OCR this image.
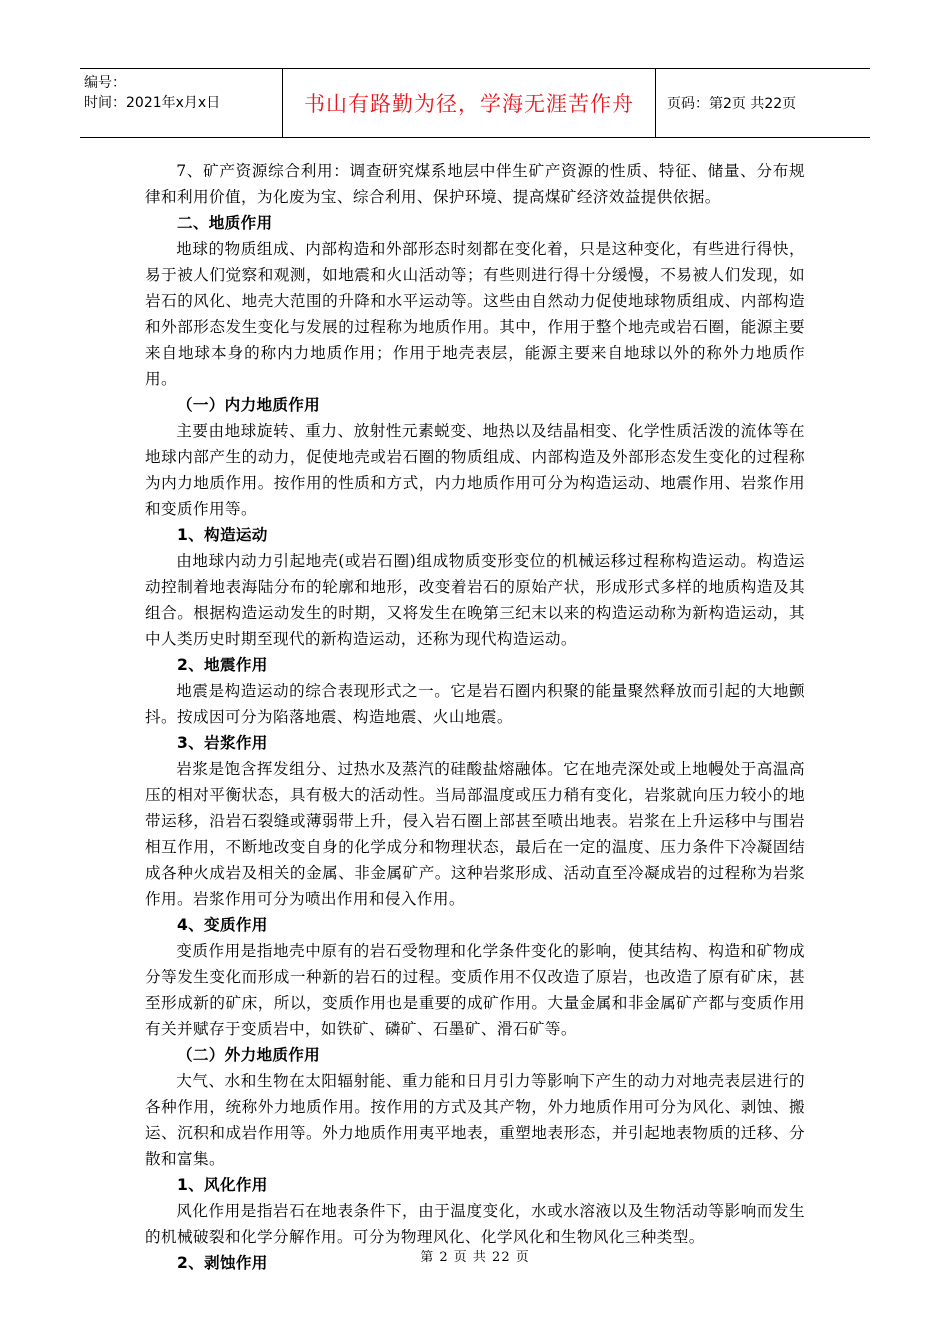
编号：
时间：2021年x月x日	书山有路勤为径，学海无涯苦作舟	页码：第2页 共22页

7、矿产资源综合利用：调查研究煤系地层中伴生矿产资源的性质、特征、储量、分布规律和利用价值，为化废为宝、综合利用、保护环境、提高煤矿经济效益提供依据。

二、地质作用

地球的物质组成、内部构造和外部形态时刻都在变化着，只是这种变化，有些进行得快，易于被人们觉察和观测，如地震和火山活动等；有些则进行得十分缓慢，不易被人们发现，如岩石的风化、地壳大范围的升降和水平运动等。这些由自然动力促使地球物质组成、内部构造和外部形态发生变化与发展的过程称为地质作用。其中，作用于整个地壳或岩石圈，能源主要来自地球本身的称内力地质作用；作用于地壳表层，能源主要来自地球以外的称外力地质作用。

（一）内力地质作用

主要由地球旋转、重力、放射性元素蜕变、地热以及结晶相变、化学性质活泼的流体等在地球内部产生的动力，促使地壳或岩石圈的物质组成、内部构造及外部形态发生变化的过程称为内力地质作用。按作用的性质和方式，内力地质作用可分为构造运动、地震作用、岩浆作用和变质作用等。

1、构造运动

由地球内动力引起地壳(或岩石圈)组成物质变形变位的机械运移过程称构造运动。构造运动控制着地表海陆分布的轮廓和地形，改变着岩石的原始产状，形成形式多样的地质构造及其组合。根据构造运动发生的时期，又将发生在晚第三纪末以来的构造运动称为新构造运动，其中人类历史时期至现代的新构造运动，还称为现代构造运动。

2、地震作用

地震是构造运动的综合表现形式之一。它是岩石圈内积聚的能量聚然释放而引起的大地颤抖。按成因可分为陷落地震、构造地震、火山地震。

3、岩浆作用

岩浆是饱含挥发组分、过热水及蒸汽的硅酸盐熔融体。它在地壳深处或上地幔处于高温高压的相对平衡状态，具有极大的活动性。当局部温度或压力稍有变化，岩浆就向压力较小的地带运移，沿岩石裂缝或薄弱带上升，侵入岩石圈上部甚至喷出地表。岩浆在上升运移中与围岩相互作用，不断地改变自身的化学成分和物理状态，最后在一定的温度、压力条件下冷凝固结成各种火成岩及相关的金属、非金属矿产。这种岩浆形成、活动直至冷凝成岩的过程称为岩浆作用。岩浆作用可分为喷出作用和侵入作用。

4、变质作用

变质作用是指地壳中原有的岩石受物理和化学条件变化的影响，使其结构、构造和矿物成分等发生变化而形成一种新的岩石的过程。变质作用不仅改造了原岩，也改造了原有矿床，甚至形成新的矿床，所以，变质作用也是重要的成矿作用。大量金属和非金属矿产都与变质作用有关并赋存于变质岩中，如铁矿、磷矿、石墨矿、滑石矿等。

（二）外力地质作用

大气、水和生物在太阳辐射能、重力能和日月引力等影响下产生的动力对地壳表层进行的各种作用，统称外力地质作用。按作用的方式及其产物，外力地质作用可分为风化、剥蚀、搬运、沉积和成岩作用等。外力地质作用夷平地表，重塑地表形态，并引起地表物质的迁移、分散和富集。

1、风化作用

风化作用是指岩石在地表条件下，由于温度变化，水或水溶液以及生物活动等影响而发生的机械破裂和化学分解作用。可分为物理风化、化学风化和生物风化三种类型。

2、剥蚀作用	第 2 页 共 22 页
